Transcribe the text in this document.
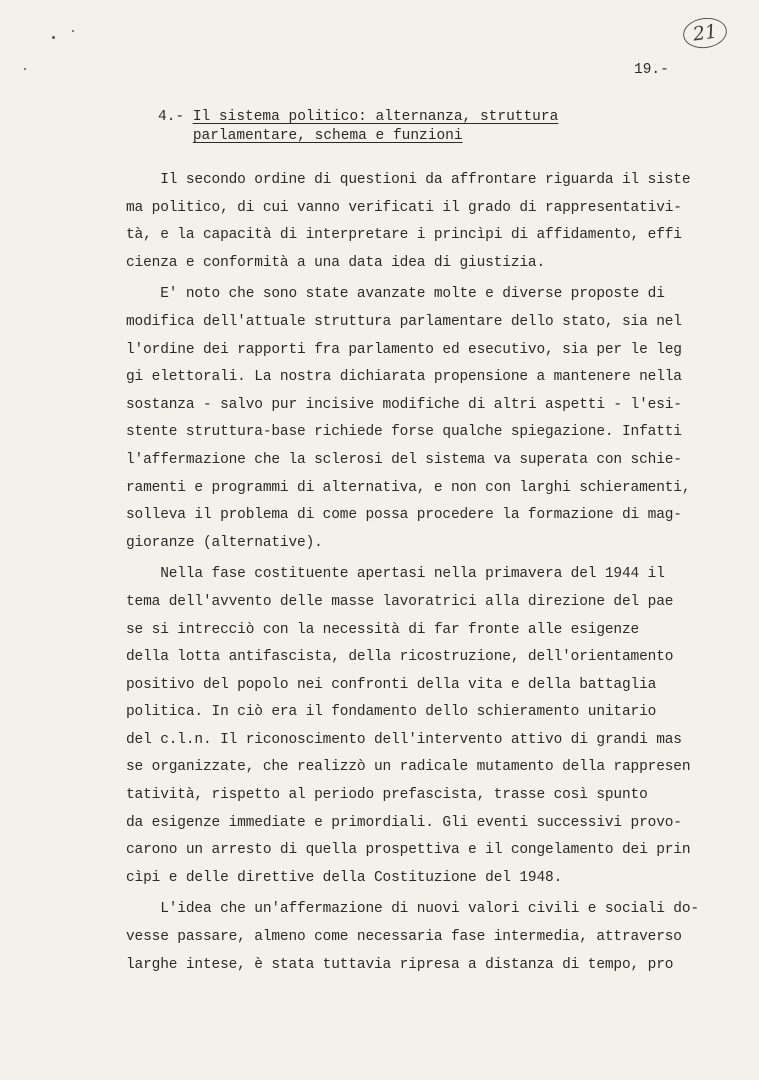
21
19.-
4.- Il sistema politico: alternanza, struttura
parlamentare, schema e funzioni
Il secondo ordine di questioni da affrontare riguarda il siste
ma politico, di cui vanno verificati il grado di rappresentativi-
tà, e la capacità di interpretare i princìpi di affidamento, effi
cienza e conformità a una data idea di giustizia.
E' noto che sono state avanzate molte e diverse proposte di
modifica dell'attuale struttura parlamentare dello stato, sia nel
l'ordine dei rapporti fra parlamento ed esecutivo, sia per le leg
gi elettorali. La nostra dichiarata propensione a mantenere nella
sostanza - salvo pur incisive modifiche di altri aspetti - l'esi-
stente struttura-base richiede forse qualche spiegazione. Infatti
l'affermazione che la sclerosi del sistema va superata con schie-
ramenti e programmi di alternativa, e non con larghi schieramenti,
solleva il problema di come possa procedere la formazione di mag-
gioranze (alternative).
Nella fase costituente apertasi nella primavera del 1944 il
tema dell'avvento delle masse lavoratrici alla direzione del pae
se si intrecciò con la necessità di far fronte alle esigenze
della lotta antifascista, della ricostruzione, dell'orientamento
positivo del popolo nei confronti della vita e della battaglia
politica. In ciò era il fondamento dello schieramento unitario
del c.l.n. Il riconoscimento dell'intervento attivo di grandi mas
se organizzate, che realizzò un radicale mutamento della rappresen
tatività, rispetto al periodo prefascista, trasse così spunto
da esigenze immediate e primordiali. Gli eventi successivi provo-
carono un arresto di quella prospettiva e il congelamento dei prin
cìpi e delle direttive della Costituzione del 1948.
L'idea che un'affermazione di nuovi valori civili e sociali do-
vesse passare, almeno come necessaria fase intermedia, attraverso
larghe intese, è stata tuttavia ripresa a distanza di tempo, pro
